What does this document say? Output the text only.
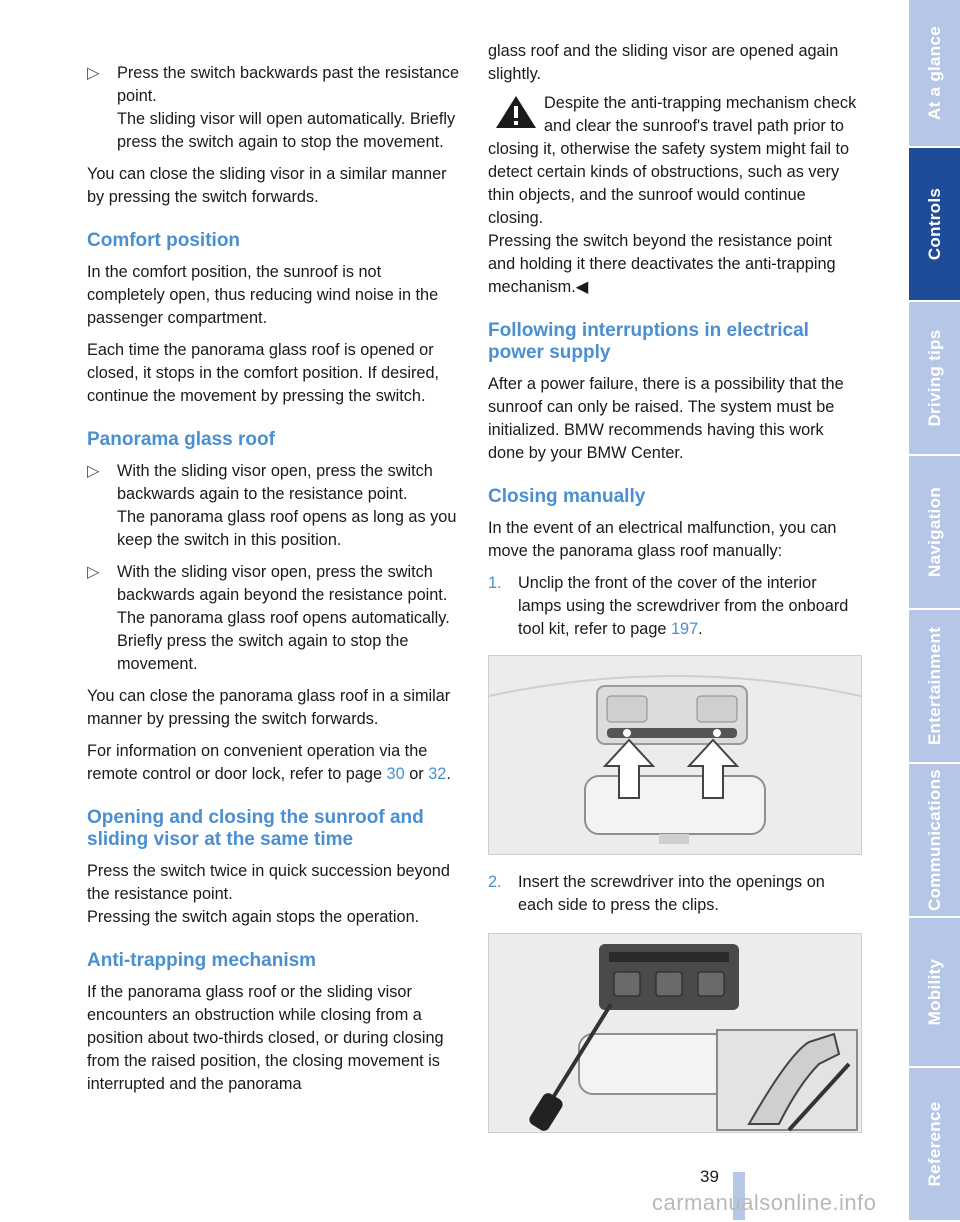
▷ Press the switch backwards past the resistance point.
The sliding visor will open automatically. Briefly press the switch again to stop the movement.

You can close the sliding visor in a similar manner by pressing the switch forwards.

Comfort position

In the comfort position, the sunroof is not completely open, thus reducing wind noise in the passenger compartment.

Each time the panorama glass roof is opened or closed, it stops in the comfort position. If desired, continue the movement by pressing the switch.

Panorama glass roof
▷ With the sliding visor open, press the switch backwards again to the resistance point.
The panorama glass roof opens as long as you keep the switch in this position.
▷ With the sliding visor open, press the switch backwards again beyond the resistance point.
The panorama glass roof opens automatically. Briefly press the switch again to stop the movement.

You can close the panorama glass roof in a similar manner by pressing the switch forwards.

For information on convenient operation via the remote control or door lock, refer to page 30 or 32.

Opening and closing the sunroof and sliding visor at the same time

Press the switch twice in quick succession beyond the resistance point.

Pressing the switch again stops the operation.

Anti-trapping mechanism

If the panorama glass roof or the sliding visor encounters an obstruction while closing from a position about two-thirds closed, or during closing from the raised position, the closing movement is interrupted and the panorama

glass roof and the sliding visor are opened again slightly.

Despite the anti-trapping mechanism check and clear the sunroof's travel path prior to closing it, otherwise the safety system might fail to detect certain kinds of obstructions, such as very thin objects, and the sunroof would continue closing.
Pressing the switch beyond the resistance point and holding it there deactivates the anti-trapping mechanism.◀
Following interruptions in electrical power supply

After a power failure, there is a possibility that the sunroof can only be raised. The system must be initialized. BMW recommends having this work done by your BMW Center.

Closing manually

In the event of an electrical malfunction, you can move the panorama glass roof manually:

1. Unclip the front of the cover of the interior lamps using the screwdriver from the onboard tool kit, refer to page 197.
2. Insert the screwdriver into the openings on each side to press the clips.
At a glance
Controls
Driving tips
Navigation
Entertainment
Communications
Mobility
Reference
39
carmanualsonline.info
